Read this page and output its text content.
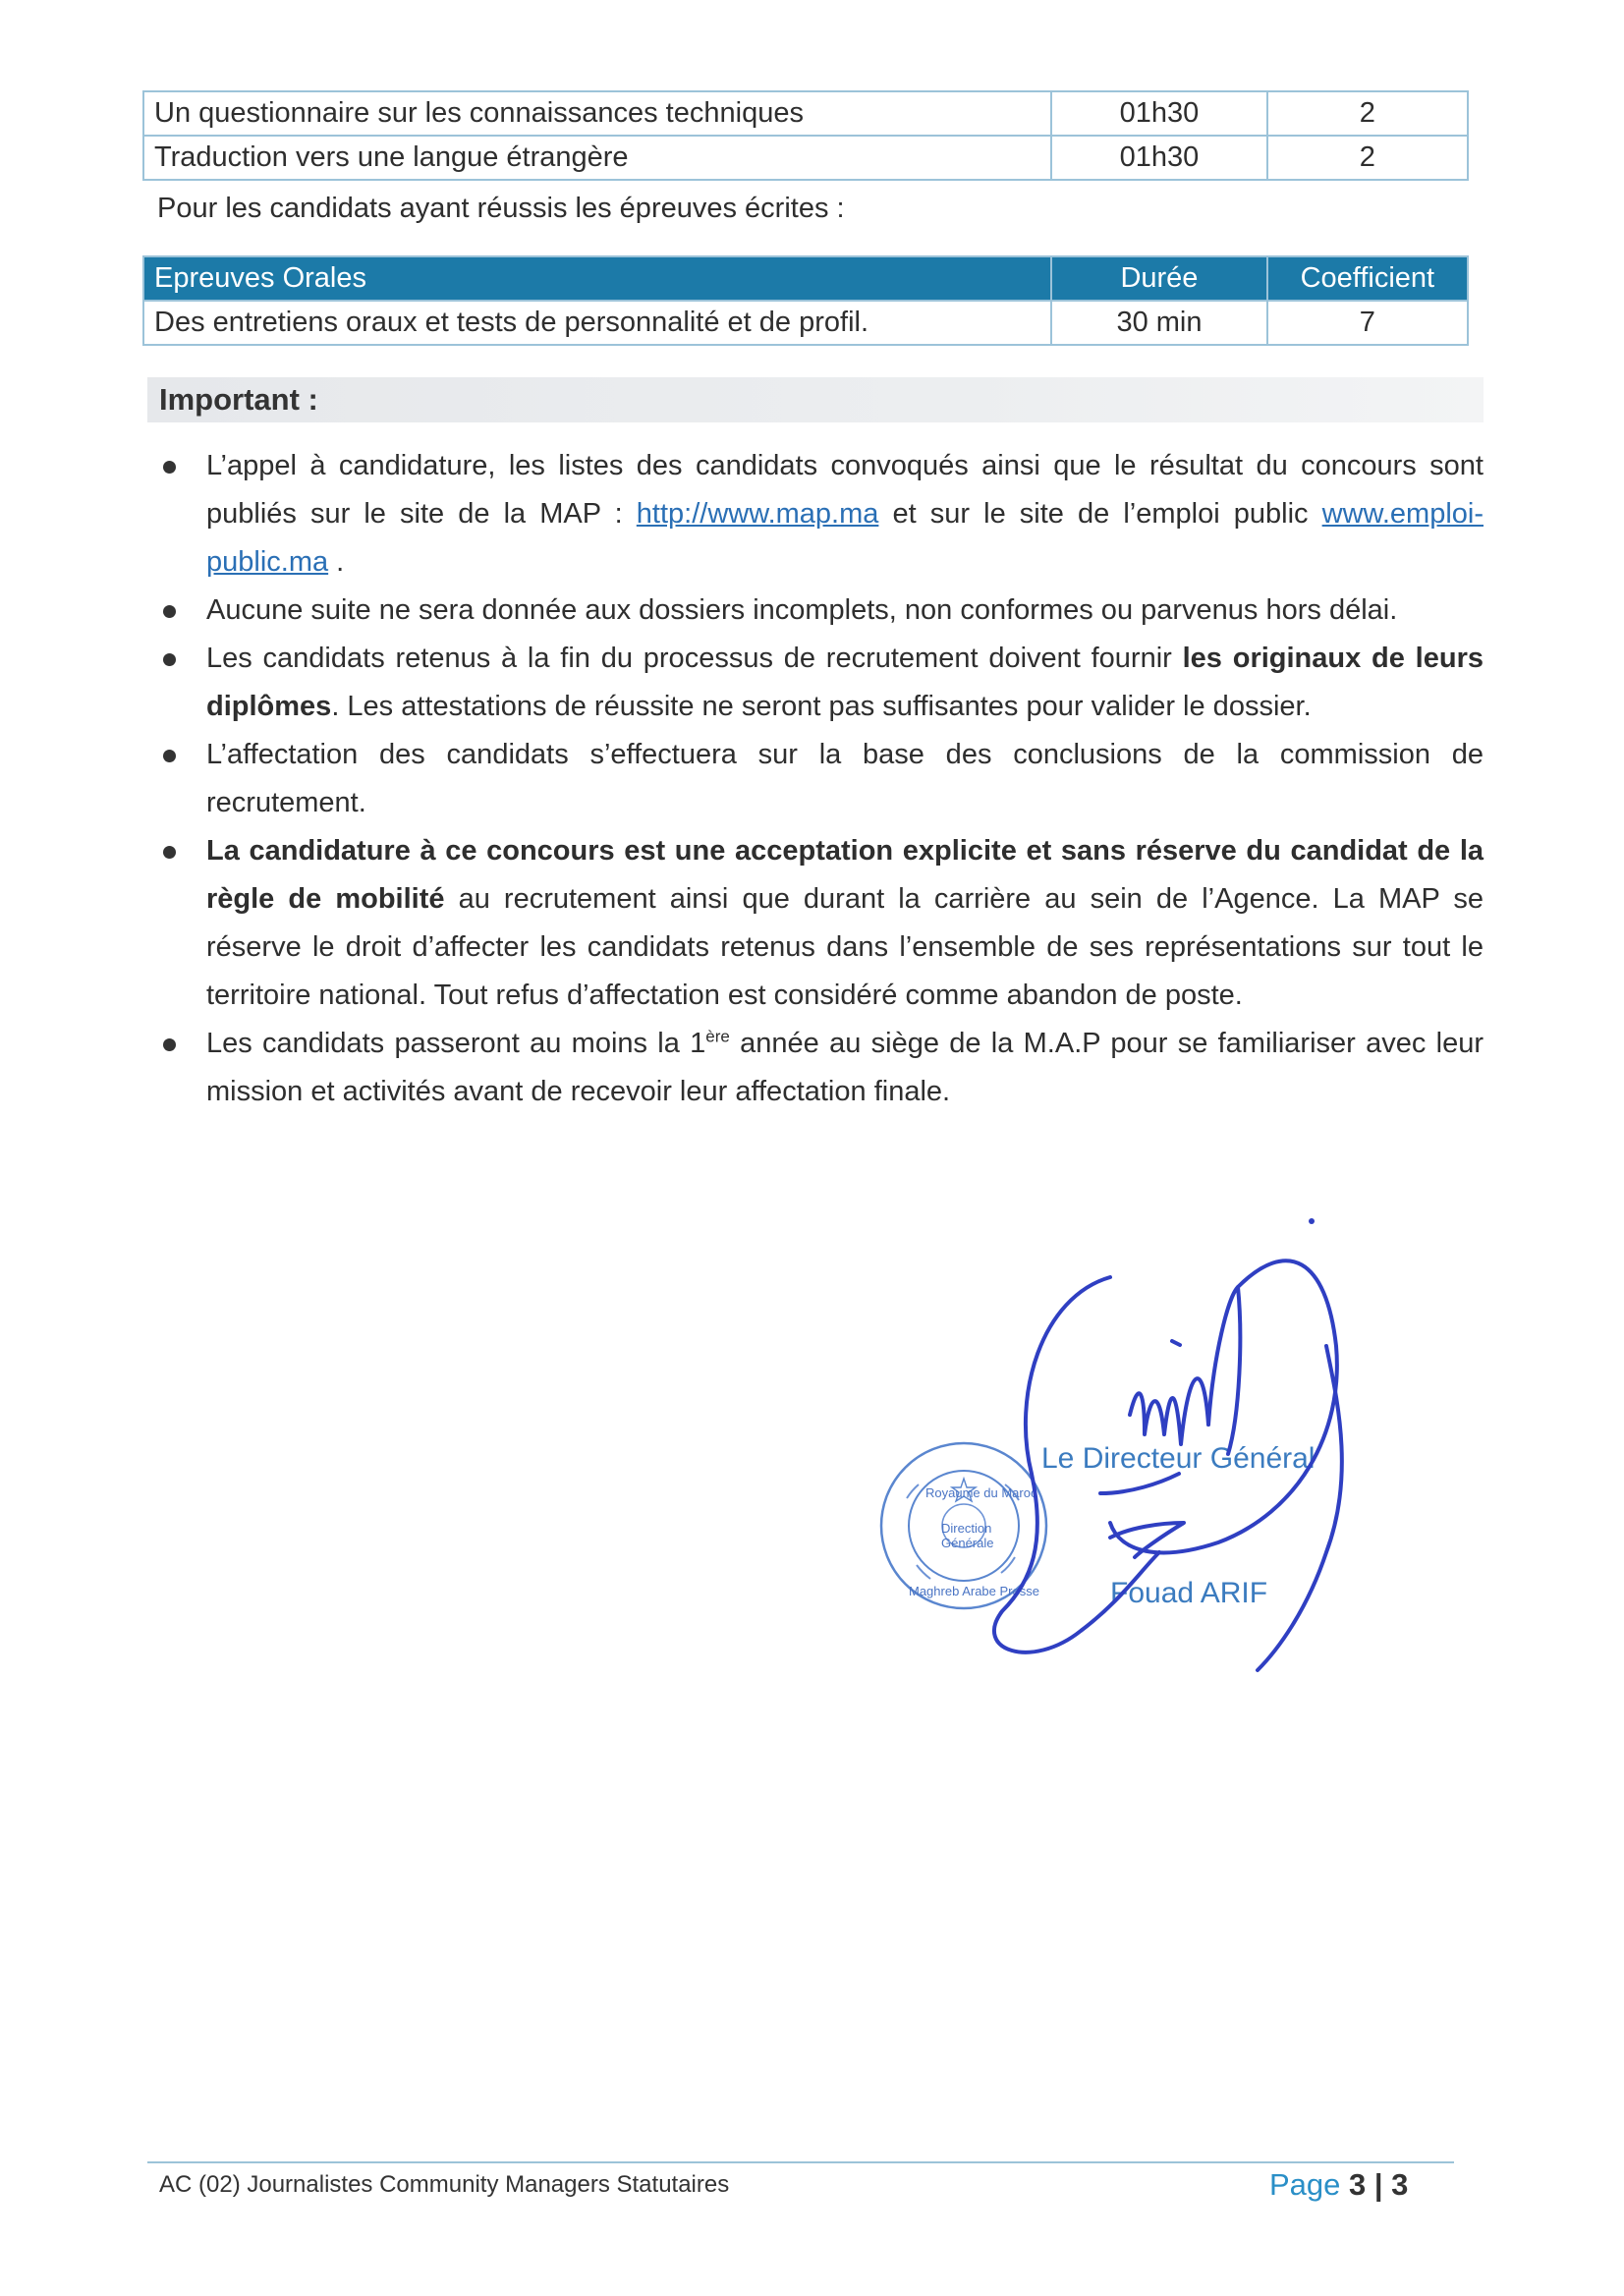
Un questionnaire sur les connaissances techniques	01h30	2
Traduction vers une langue étrangère	01h30	2
Pour les candidats ayant réussis les épreuves écrites :
Epreuves Orales	Durée	Coefficient
Des entretiens oraux et tests de personnalité et de profil.	30 min	7
Important :
L’appel à candidature, les listes des candidats convoqués ainsi que le résultat du concours sont publiés sur le site de la MAP : http://www.map.ma et sur le site de l’emploi public www.emploi-public.ma .
Aucune suite ne sera donnée aux dossiers incomplets, non conformes ou parvenus hors délai.
Les candidats retenus à la fin du processus de recrutement doivent fournir les originaux de leurs diplômes. Les attestations de réussite ne seront pas suffisantes pour valider le dossier.
L’affectation des candidats s’effectuera sur la base des conclusions de la commission de recrutement.
La candidature à ce concours est une acceptation explicite et sans réserve du candidat de la règle de mobilité au recrutement ainsi que durant la carrière au sein de l’Agence. La MAP se réserve le droit d’affecter les candidats retenus dans l’ensemble de ses représentations sur tout le territoire national. Tout refus d’affectation est considéré comme abandon de poste.
Les candidats passeront au moins la 1ère année au siège de la M.A.P pour se familiariser avec leur mission et activités avant de recevoir leur affectation finale.
Royaume du Maroc
Direction
Générale
Maghreb Arabe Presse
Le Directeur Général
Fouad ARIF
AC (02) Journalistes Community Managers Statutaires	Page 3 | 3
